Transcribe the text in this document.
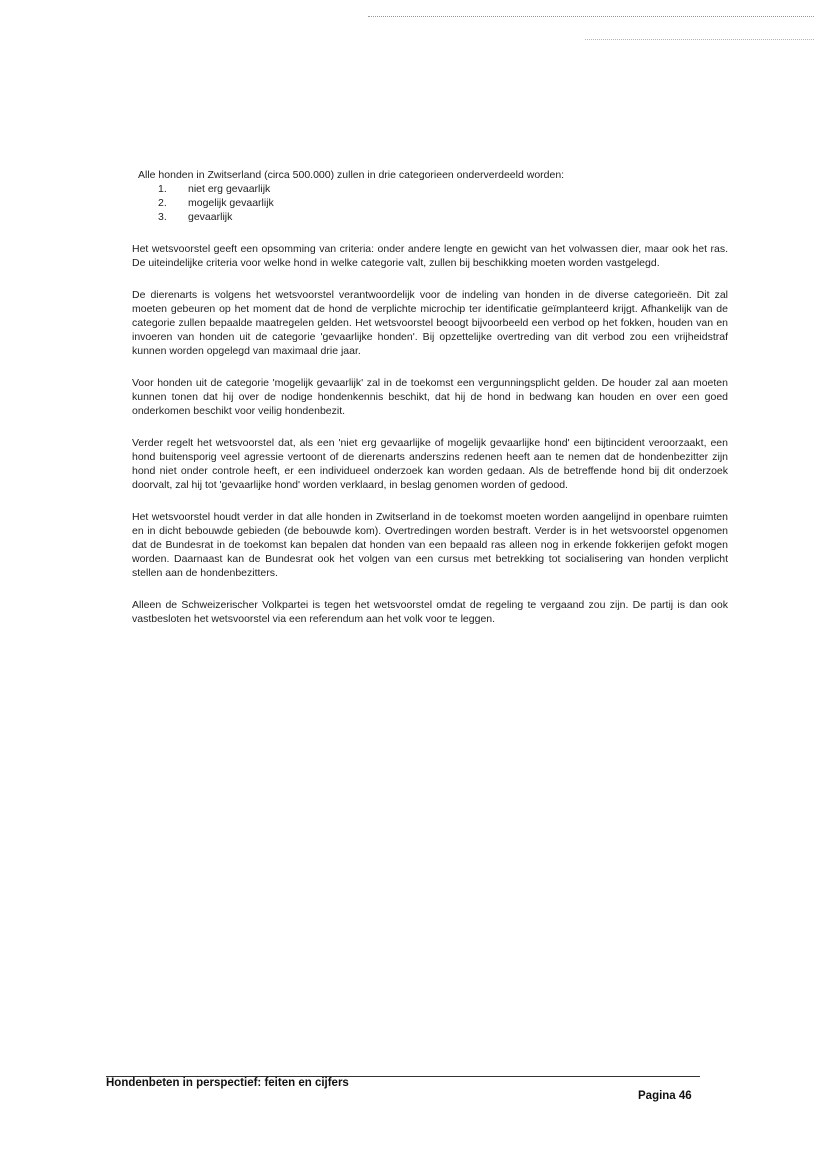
Alle honden in Zwitserland (circa 500.000) zullen in drie categorieen onderverdeeld worden:

1.	niet erg gevaarlijk
2.	mogelijk gevaarlijk
3.	gevaarlijk

Het wetsvoorstel geeft een opsomming van criteria: onder andere lengte en gewicht van het volwassen dier, maar ook het ras. De uiteindelijke criteria voor welke hond in welke categorie valt, zullen bij beschikking moeten worden vastgelegd.

De dierenarts is volgens het wetsvoorstel verantwoordelijk voor de indeling van honden in de diverse categorieën. Dit zal moeten gebeuren op het moment dat de hond de verplichte microchip ter identificatie geïmplanteerd krijgt. Afhankelijk van de categorie zullen bepaalde maatregelen gelden. Het wetsvoorstel beoogt bijvoorbeeld een verbod op het fokken, houden van en invoeren van honden uit de categorie 'gevaarlijke honden'. Bij opzettelijke overtreding van dit verbod zou een vrijheidstraf kunnen worden opgelegd van maximaal drie jaar.

Voor honden uit de categorie 'mogelijk gevaarlijk' zal in de toekomst een vergunningsplicht gelden. De houder zal aan moeten kunnen tonen dat hij over de nodige hondenkennis beschikt, dat hij de hond in bedwang kan houden en over een goed onderkomen beschikt voor veilig hondenbezit.

Verder regelt het wetsvoorstel dat, als een 'niet erg gevaarlijke of mogelijk gevaarlijke hond' een bijtincident veroorzaakt, een hond buitensporig veel agressie vertoont of de dierenarts anderszins redenen heeft aan te nemen dat de hondenbezitter zijn hond niet onder controle heeft, er een individueel onderzoek kan worden gedaan. Als de betreffende hond bij dit onderzoek doorvalt, zal hij tot 'gevaarlijke hond' worden verklaard, in beslag genomen worden of gedood.

Het wetsvoorstel houdt verder in dat alle honden in Zwitserland in de toekomst moeten worden aangelijnd in openbare ruimten en in dicht bebouwde gebieden (de bebouwde kom). Overtredingen worden bestraft. Verder is in het wetsvoorstel opgenomen dat de Bundesrat in de toekomst kan bepalen dat honden van een bepaald ras alleen nog in erkende fokkerijen gefokt mogen worden. Daarnaast kan de Bundesrat ook het volgen van een cursus met betrekking tot socialisering van honden verplicht stellen aan de hondenbezitters.

Alleen de Schweizerischer Volkpartei is tegen het wetsvoorstel omdat de regeling te vergaand zou zijn. De partij is dan ook vastbesloten het wetsvoorstel via een referendum aan het volk voor te leggen.

Hondenbeten in perspectief: feiten en cijfers
Pagina 46
